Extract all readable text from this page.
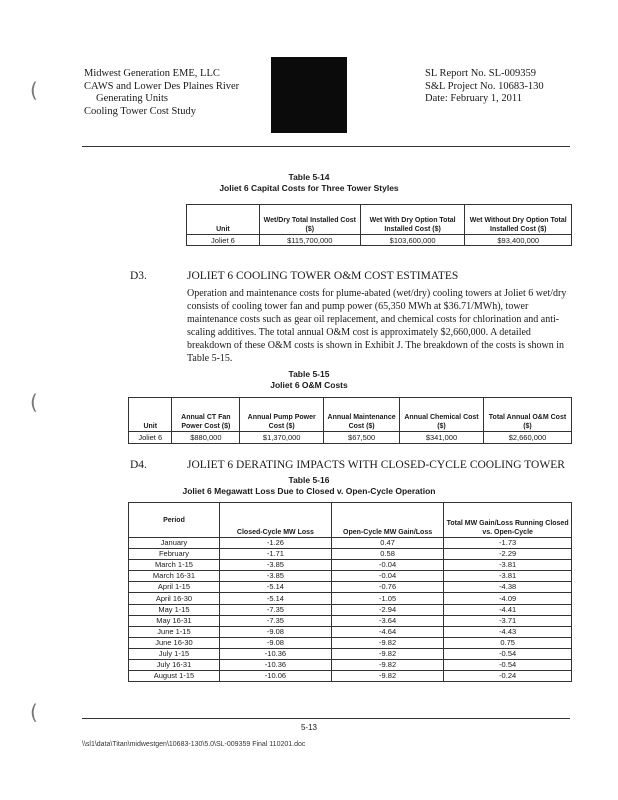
Midwest Generation EME, LLC
CAWS and Lower Des Plaines River
Generating Units
Cooling Tower Cost Study
SL Report No. SL-009359
S&L Project No. 10683-130
Date: February 1, 2011
(
(
(
Table 5-14
Joliet 6 Capital Costs for Three Tower Styles
Unit	Wet/Dry Total Installed Cost ($)	Wet With Dry Option Total Installed Cost ($)	Wet Without Dry Option Total Installed Cost ($)
Joliet 6	$115,700,000	$103,600,000	$93,400,000
D3.	JOLIET 6 COOLING TOWER O&M COST ESTIMATES

Operation and maintenance costs for plume-abated (wet/dry) cooling towers at Joliet 6 wet/dry consists of cooling tower fan and pump power (65,350 MWh at $36.71/MWh), tower maintenance costs such as gear oil replacement, and chemical costs for chlorination and anti-scaling additives. The total annual O&M cost is approximately $2,660,000. A detailed breakdown of these O&M costs is shown in Exhibit J. The breakdown of the costs is shown in Table 5-15.

Table 5-15
Joliet 6 O&M Costs
Unit	Annual CT Fan Power Cost ($)	Annual Pump Power Cost ($)	Annual Maintenance Cost ($)	Annual Chemical Cost ($)	Total Annual O&M Cost ($)
Joliet 6	$880,000	$1,370,000	$67,500	$341,000	$2,660,000
D4.	JOLIET 6 DERATING IMPACTS WITH CLOSED-CYCLE COOLING TOWER
Table 5-16
Joliet 6 Megawatt Loss Due to Closed v. Open-Cycle Operation
Period	Closed-Cycle MW Loss	Open-Cycle MW Gain/Loss	Total MW Gain/Loss Running Closed vs. Open-Cycle
January	-1.26	0.47	-1.73
February	-1.71	0.58	-2.29
March 1-15	-3.85	-0.04	-3.81
March 16-31	-3.85	-0.04	-3.81
April 1-15	-5.14	-0.76	-4.38
April 16-30	-5.14	-1.05	-4.09
May 1-15	-7.35	-2.94	-4.41
May 16-31	-7.35	-3.64	-3.71
June 1-15	-9.08	-4.64	-4.43
June 16-30	-9.08	-9.82	0.75
July 1-15	-10.36	-9.82	-0.54
July 16-31	-10.36	-9.82	-0.54
August 1-15	-10.06	-9.82	-0.24
5-13
\\sl1\data\Titan\midwestgen\10683-130\5.0\SL-009359 Final 110201.doc
